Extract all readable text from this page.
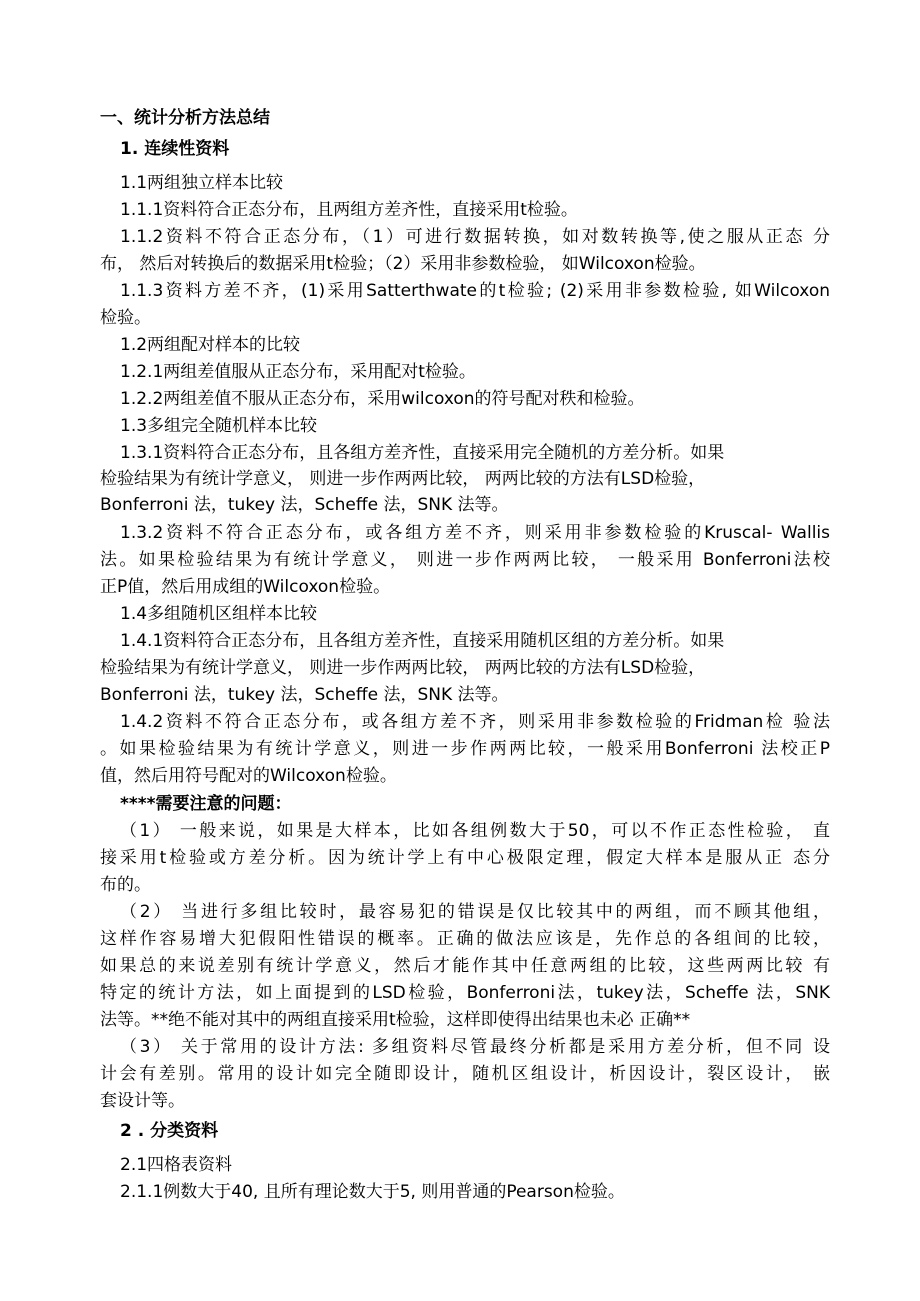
一、统计分析方法总结

1. 连续性资料

1.1两组独立样本比较

1.1.1资料符合正态分布，且两组方差齐性，直接采用t检验。

1.1.2资料不符合正态分布，（1）可进行数据转换，如对数转换等,使之服从正态 分

布， 然后对转换后的数据采用t检验；（2）采用非参数检验， 如Wilcoxon检验。

1.1.3资料方差不齐，(1)采用Satterthwate的t检验; (2)采用非参数检验, 如Wilcoxon

检验。

1.2两组配对样本的比较

1.2.1两组差值服从正态分布，采用配对t检验。

1.2.2两组差值不服从正态分布，采用wilcoxon的符号配对秩和检验。

1.3多组完全随机样本比较

1.3.1资料符合正态分布，且各组方差齐性，直接采用完全随机的方差分析。如果

检验结果为有统计学意义， 则进一步作两两比较， 两两比较的方法有LSD检验，

Bonferroni 法，tukey 法，Scheffe 法，SNK 法等。

1.3.2资料不符合正态分布，或各组方差不齐，则采用非参数检验的Kruscal- Wallis

法。如果检验结果为有统计学意义， 则进一步作两两比较， 一般采用 Bonferroni法校

正P值，然后用成组的Wilcoxon检验。

1.4多组随机区组样本比较

1.4.1资料符合正态分布，且各组方差齐性，直接采用随机区组的方差分析。如果

检验结果为有统计学意义， 则进一步作两两比较， 两两比较的方法有LSD检验，

Bonferroni 法，tukey 法，Scheffe 法，SNK 法等。

1.4.2资料不符合正态分布，或各组方差不齐，则采用非参数检验的Fridman检 验法

。如果检验结果为有统计学意义，则进一步作两两比较，一般采用Bonferroni 法校正P

值，然后用符号配对的Wilcoxon检验。

****需要注意的问题：

（1） 一般来说，如果是大样本，比如各组例数大于50，可以不作正态性检验， 直

接采用t检验或方差分析。因为统计学上有中心极限定理，假定大样本是服从正 态分

布的。

（2） 当进行多组比较时，最容易犯的错误是仅比较其中的两组，而不顾其他组，

这样作容易增大犯假阳性错误的概率。正确的做法应该是，先作总的各组间的比较，

如果总的来说差别有统计学意义，然后才能作其中任意两组的比较，这些两两比较 有

特定的统计方法，如上面提到的LSD检验，Bonferroni法，tukey法，Scheffe 法，SNK

法等。**绝不能对其中的两组直接采用t检验，这样即使得出结果也未必 正确**

（3） 关于常用的设计方法: 多组资料尽管最终分析都是采用方差分析，但不同 设

计会有差别。常用的设计如完全随即设计，随机区组设计，析因设计，裂区设计， 嵌

套设计等。

2 . 分类资料

2.1四格表资料

2.1.1例数大于40, 且所有理论数大于5, 则用普通的Pearson检验。
